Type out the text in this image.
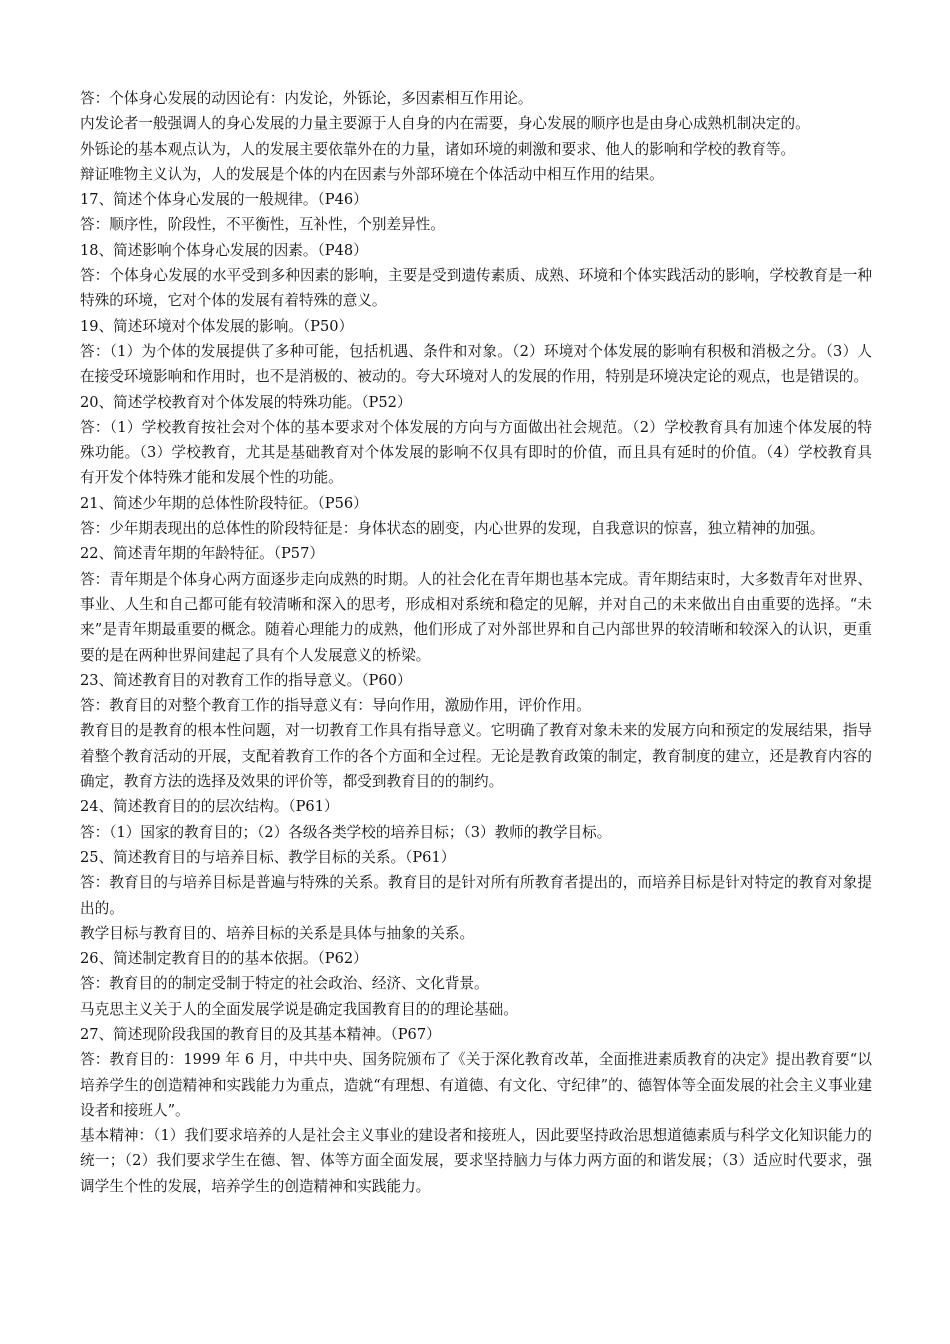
答：个体身心发展的动因论有：内发论，外铄论，多因素相互作用论。

内发论者一般强调人的身心发展的力量主要源于人自身的内在需要，身心发展的顺序也是由身心成熟机制决定的。

外铄论的基本观点认为，人的发展主要依靠外在的力量，诸如环境的刺激和要求、他人的影响和学校的教育等。

辩证唯物主义认为，人的发展是个体的内在因素与外部环境在个体活动中相互作用的结果。

17、简述个体身心发展的一般规律。（P46）

答：顺序性，阶段性，不平衡性，互补性，个别差异性。

18、简述影响个体身心发展的因素。（P48）

答：个体身心发展的水平受到多种因素的影响，主要是受到遗传素质、成熟、环境和个体实践活动的影响，学校教育是一种特殊的环境，它对个体的发展有着特殊的意义。

19、简述环境对个体发展的影响。（P50）

答：（1）为个体的发展提供了多种可能，包括机遇、条件和对象。（2）环境对个体发展的影响有积极和消极之分。（3）人在接受环境影响和作用时，也不是消极的、被动的。夸大环境对人的发展的作用，特别是环境决定论的观点，也是错误的。

20、简述学校教育对个体发展的特殊功能。（P52）

答：（1）学校教育按社会对个体的基本要求对个体发展的方向与方面做出社会规范。（2）学校教育具有加速个体发展的特殊功能。（3）学校教育，尤其是基础教育对个体发展的影响不仅具有即时的价值，而且具有延时的价值。（4）学校教育具有开发个体特殊才能和发展个性的功能。

21、简述少年期的总体性阶段特征。（P56）

答：少年期表现出的总体性的阶段特征是：身体状态的剧变，内心世界的发现，自我意识的惊喜，独立精神的加强。

22、简述青年期的年龄特征。（P57）

答：青年期是个体身心两方面逐步走向成熟的时期。人的社会化在青年期也基本完成。青年期结束时，大多数青年对世界、事业、人生和自己都可能有较清晰和深入的思考，形成相对系统和稳定的见解，并对自己的未来做出自由重要的选择。“未来”是青年期最重要的概念。随着心理能力的成熟，他们形成了对外部世界和自己内部世界的较清晰和较深入的认识，更重要的是在两种世界间建起了具有个人发展意义的桥梁。

23、简述教育目的对教育工作的指导意义。（P60）

答：教育目的对整个教育工作的指导意义有：导向作用，激励作用，评价作用。

教育目的是教育的根本性问题，对一切教育工作具有指导意义。它明确了教育对象未来的发展方向和预定的发展结果，指导着整个教育活动的开展，支配着教育工作的各个方面和全过程。无论是教育政策的制定，教育制度的建立，还是教育内容的确定，教育方法的选择及效果的评价等，都受到教育目的的制约。

24、简述教育目的的层次结构。（P61）

答：（1）国家的教育目的；（2）各级各类学校的培养目标；（3）教师的教学目标。

25、简述教育目的与培养目标、教学目标的关系。（P61）

答：教育目的与培养目标是普遍与特殊的关系。教育目的是针对所有所教育者提出的，而培养目标是针对特定的教育对象提出的。

教学目标与教育目的、培养目标的关系是具体与抽象的关系。

26、简述制定教育目的的基本依据。（P62）

答：教育目的的制定受制于特定的社会政治、经济、文化背景。

马克思主义关于人的全面发展学说是确定我国教育目的的理论基础。

27、简述现阶段我国的教育目的及其基本精神。（P67）

答：教育目的：1999 年 6 月，中共中央、国务院颁布了《关于深化教育改革，全面推进素质教育的决定》提出教育要“以培养学生的创造精神和实践能力为重点，造就“有理想、有道德、有文化、守纪律”的、德智体等全面发展的社会主义事业建设者和接班人”。

基本精神：（1）我们要求培养的人是社会主义事业的建设者和接班人，因此要坚持政治思想道德素质与科学文化知识能力的统一；（2）我们要求学生在德、智、体等方面全面发展，要求坚持脑力与体力两方面的和谐发展；（3）适应时代要求，强调学生个性的发展，培养学生的创造精神和实践能力。
